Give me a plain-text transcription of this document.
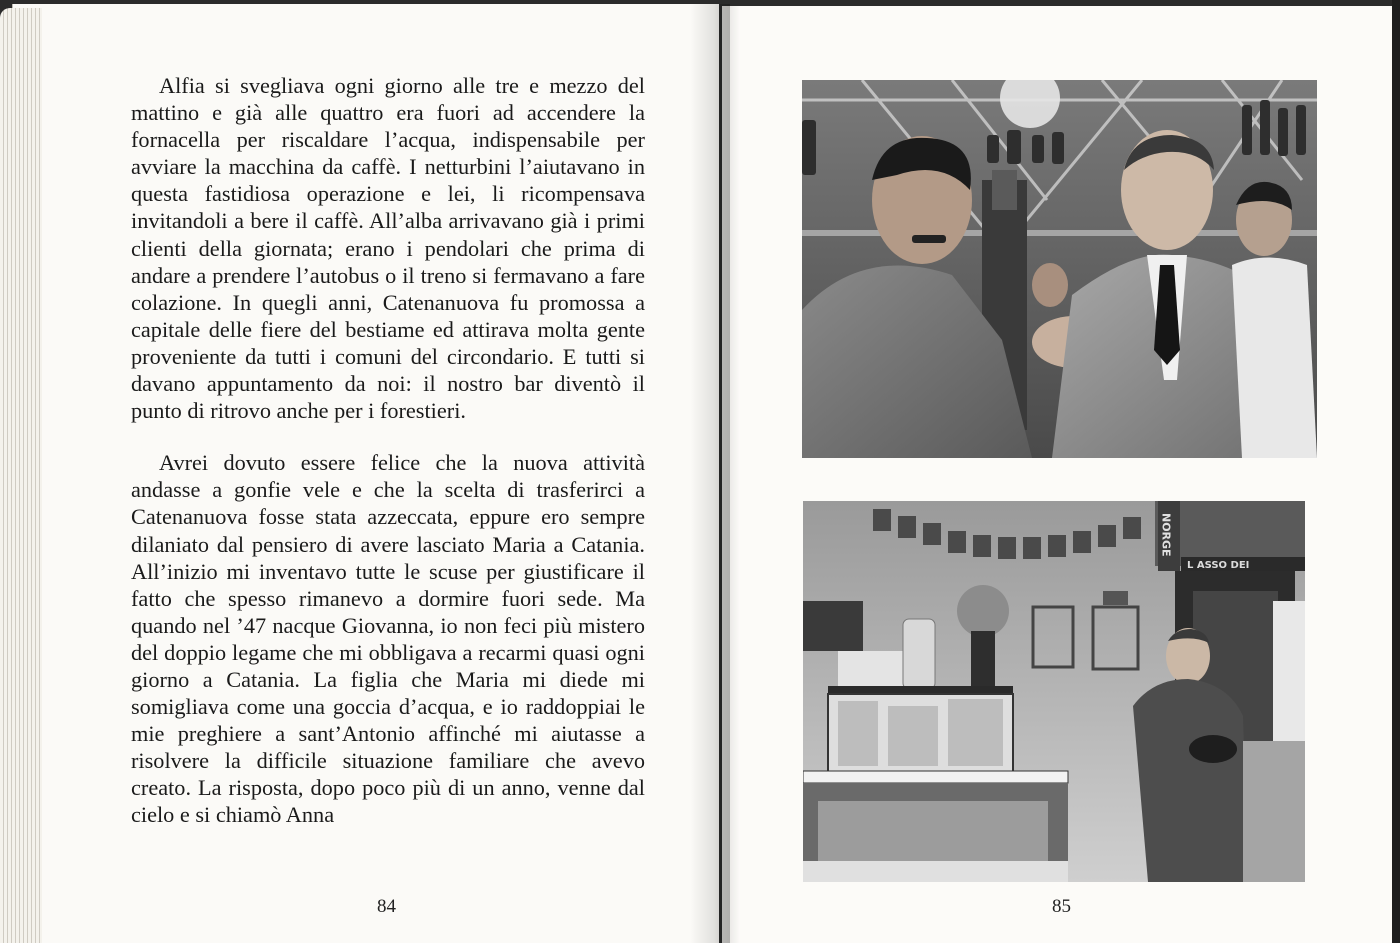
Alfia si svegliava ogni giorno alle tre e mezzo del mattino e già alle quattro era fuori ad accendere la fornacella per riscaldare l’acqua, indispensabile per avviare la macchina da caffè. I netturbini l’aiutavano in questa fastidiosa operazione e lei, li ricompensava invitandoli a bere il caffè. All’alba arrivavano già i primi clienti della giornata; erano i pendolari che prima di andare a prendere l’autobus o il treno si fermavano a fare colazione. In quegli anni, Catenanuova fu promossa a capitale delle fiere del bestiame ed attirava molta gente proveniente da tutti i comuni del circondario. E tutti si davano appuntamento da noi: il nostro bar diventò il punto di ritrovo anche per i forestieri.

Avrei dovuto essere felice che la nuova attività andasse a gonfie vele e che la scelta di trasferirci a Catenanuova fosse stata azzeccata, eppure ero sempre dilaniato dal pensiero di avere lasciato Maria a Catania. All’inizio mi inventavo tutte le scuse per giustificare il fatto che spesso rimanevo a dormire fuori sede. Ma quando nel ’47 nacque Giovanna, io non feci più mistero del doppio legame che mi obbligava a recarmi quasi ogni giorno a Catania. La figlia che Maria mi diede mi somigliava come una goccia d’acqua, e io raddoppiai le mie preghiere a sant’Antonio affinché mi aiutasse a risolvere la difficile situazione familiare che avevo creato. La risposta, dopo poco più di un anno, venne dal cielo e si chiamò Anna

84
NORGE
L ASSO DEI
85
